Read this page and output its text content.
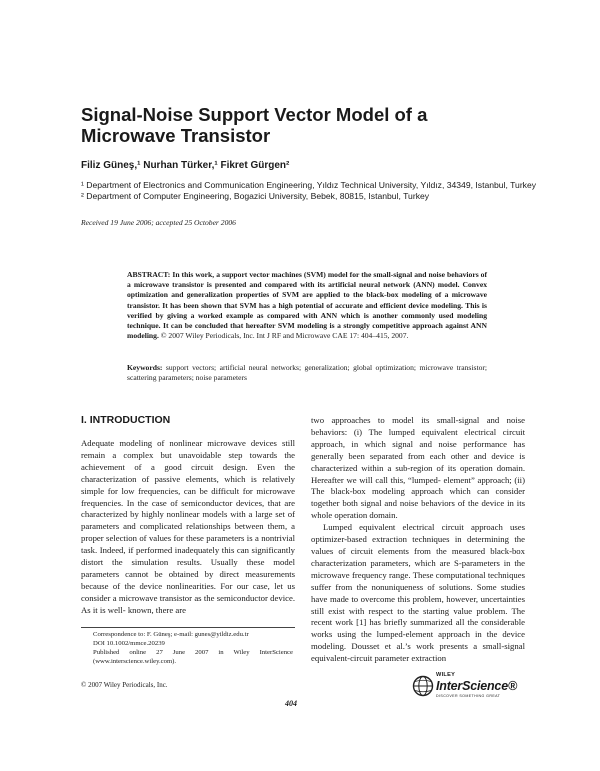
Signal-Noise Support Vector Model of a Microwave Transistor
Filiz Güneş,¹ Nurhan Türker,¹ Fikret Gürgen²

¹ Department of Electronics and Communication Engineering, Yıldız Technical University, Yıldız, 34349, Istanbul, Turkey

² Department of Computer Engineering, Bogazici University, Bebek, 80815, Istanbul, Turkey

Received 19 June 2006; accepted 25 October 2006

ABSTRACT: In this work, a support vector machines (SVM) model for the small-signal and noise behaviors of a microwave transistor is presented and compared with its artificial neural network (ANN) model. Convex optimization and generalization properties of SVM are applied to the black-box modeling of a microwave transistor. It has been shown that SVM has a high potential of accurate and efficient device modeling. This is verified by giving a worked example as compared with ANN which is another commonly used modeling technique. It can be concluded that hereafter SVM modeling is a strongly competitive approach against ANN modeling. © 2007 Wiley Periodicals, Inc. Int J RF and Microwave CAE 17: 404–415, 2007.

Keywords: support vectors; artificial neural networks; generalization; global optimization; microwave transistor; scattering parameters; noise parameters

I. INTRODUCTION

Adequate modeling of nonlinear microwave devices still remain a complex but unavoidable step towards the achievement of a good circuit design. Even the characterization of passive elements, which is relatively simple for low frequencies, can be difficult for microwave frequencies. In the case of semiconductor devices, that are characterized by highly nonlinear models with a large set of parameters and complicated relationships between them, a proper selection of values for these parameters is a nontrivial task. Indeed, if performed inadequately this can significantly distort the simulation results. Usually these model parameters cannot be obtained by direct measurements because of the device nonlinearities. For our case, let us consider a microwave transistor as the semiconductor device. As it is well- known, there are

two approaches to model its small-signal and noise behaviors: (i) The lumped equivalent electrical circuit approach, in which signal and noise performance has generally been separated from each other and device is characterized within a sub-region of its operation domain. Hereafter we will call this, “lumped- element” approach; (ii) The black-box modeling approach which can consider together both signal and noise behaviors of the device in its whole operation domain.

Lumped equivalent electrical circuit approach uses optimizer-based extraction techniques in determining the values of circuit elements from the measured black-box characterization parameters, which are S-parameters in the microwave frequency range. These computational techniques suffer from the nonuniqueness of solutions. Some studies have made to overcome this problem, however, uncertainties still exist with respect to the starting value problem. The recent work [1] has briefly summarized all the considerable works using the lumped-element approach in the device modeling. Dousset et al.’s work presents a small-signal equivalent-circuit parameter extraction

Correspondence to: F. Güneş; e-mail: gunes@yildiz.edu.tr

DOI 10.1002/mmce.20239

Published online 27 June 2007 in Wiley InterScience (www.interscience.wiley.com).

© 2007 Wiley Periodicals, Inc.
404
WILEY
InterScience®
DISCOVER SOMETHING GREAT
